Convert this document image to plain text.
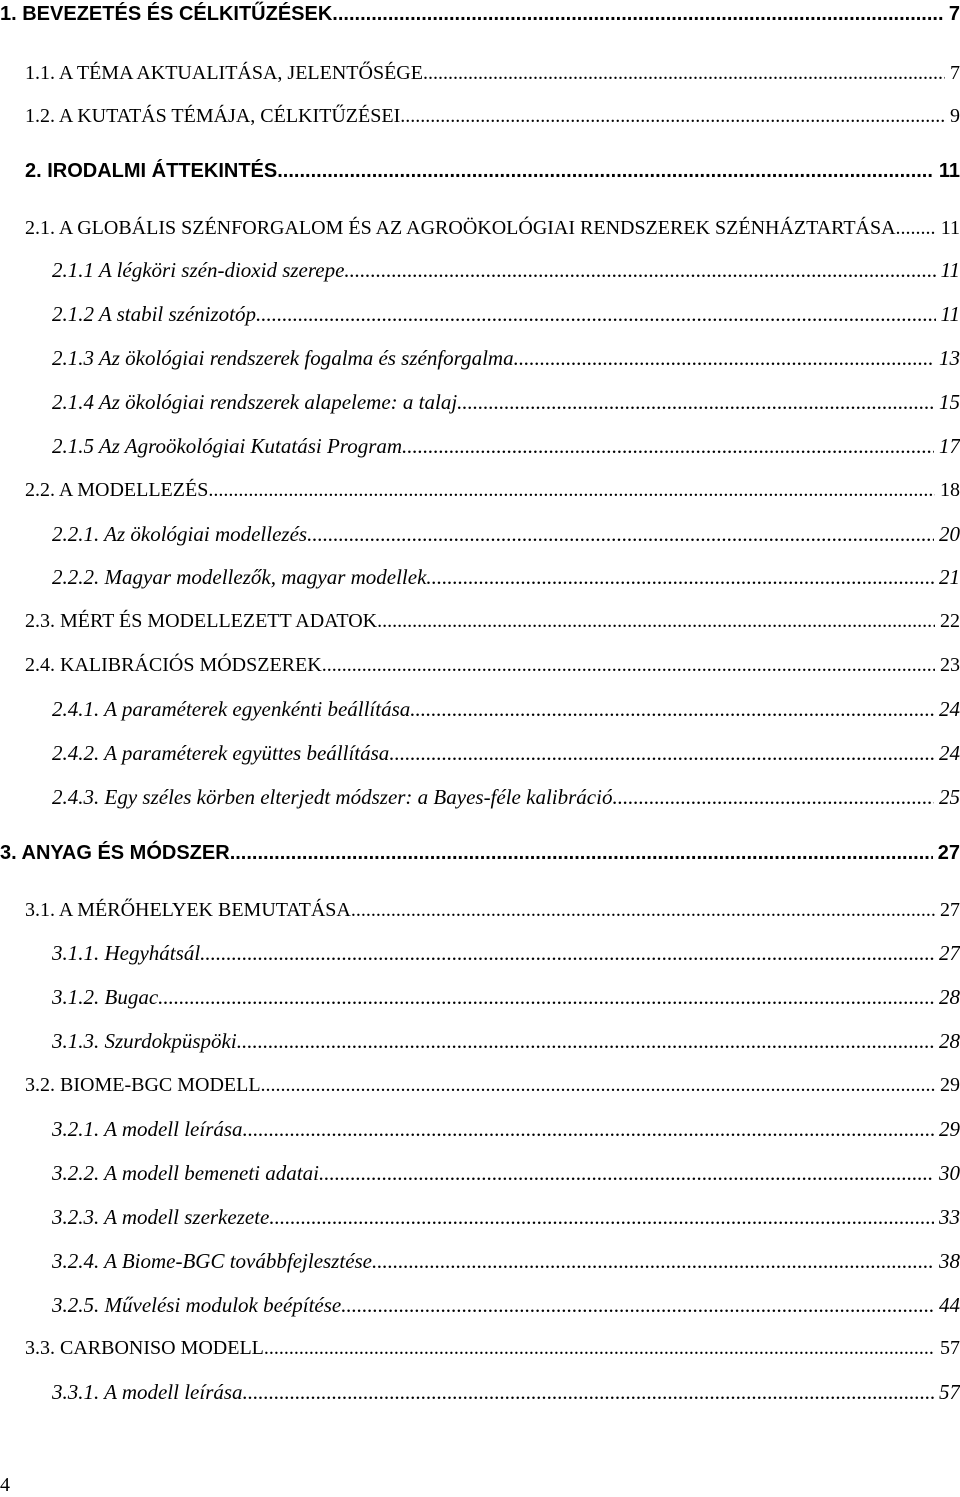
1. BEVEZETÉS ÉS CÉLKITŰZÉSEK .....	7
1.1. A TÉMA AKTUALITÁSA, JELENTŐSÉGE .....	7
1.2. A KUTATÁS TÉMÁJA, CÉLKITŰZÉSEI .....	9
2. IRODALMI ÁTTEKINTÉS .....	11
2.1. A GLOBÁLIS SZÉNFORGALOM ÉS AZ AGROÖKOLÓGIAI RENDSZEREK SZÉNHÁZTARTÁSA ..... 11
2.1.1 A légköri szén-dioxid szerepe .....	11
2.1.2 A stabil szénizotóp .....	11
2.1.3 Az ökológiai rendszerek fogalma és szénforgalma .....	13
2.1.4 Az ökológiai rendszerek alapeleme: a talaj .....	15
2.1.5 Az Agroökológiai Kutatási Program .....	17
2.2. A MODELLEZÉS .....	18
2.2.1. Az ökológiai modellezés .....	20
2.2.2. Magyar modellezők, magyar modellek .....	21
2.3. MÉRT ÉS MODELLEZETT ADATOK .....	22
2.4. KALIBRÁCIÓS MÓDSZEREK .....	23
2.4.1. A paraméterek egyenkénti beállítása .....	24
2.4.2. A paraméterek együttes beállítása .....	24
2.4.3. Egy széles körben elterjedt módszer: a Bayes-féle kalibráció .....	25
3. ANYAG ÉS MÓDSZER .....	27
3.1. A MÉRŐHELYEK BEMUTATÁSA .....	27
3.1.1. Hegyhátsál .....	27
3.1.2. Bugac .....	28
3.1.3. Szurdokpüspöki .....	28
3.2. BIOME-BGC MODELL .....	29
3.2.1. A modell leírása .....	29
3.2.2. A modell bemeneti adatai .....	30
3.2.3. A modell szerkezete .....	33
3.2.4. A Biome-BGC továbbfejlesztése .....	38
3.2.5. Művelési modulok beépítése .....	44
3.3. CARBONISO MODELL .....	57
3.3.1. A modell leírása .....	57
4
